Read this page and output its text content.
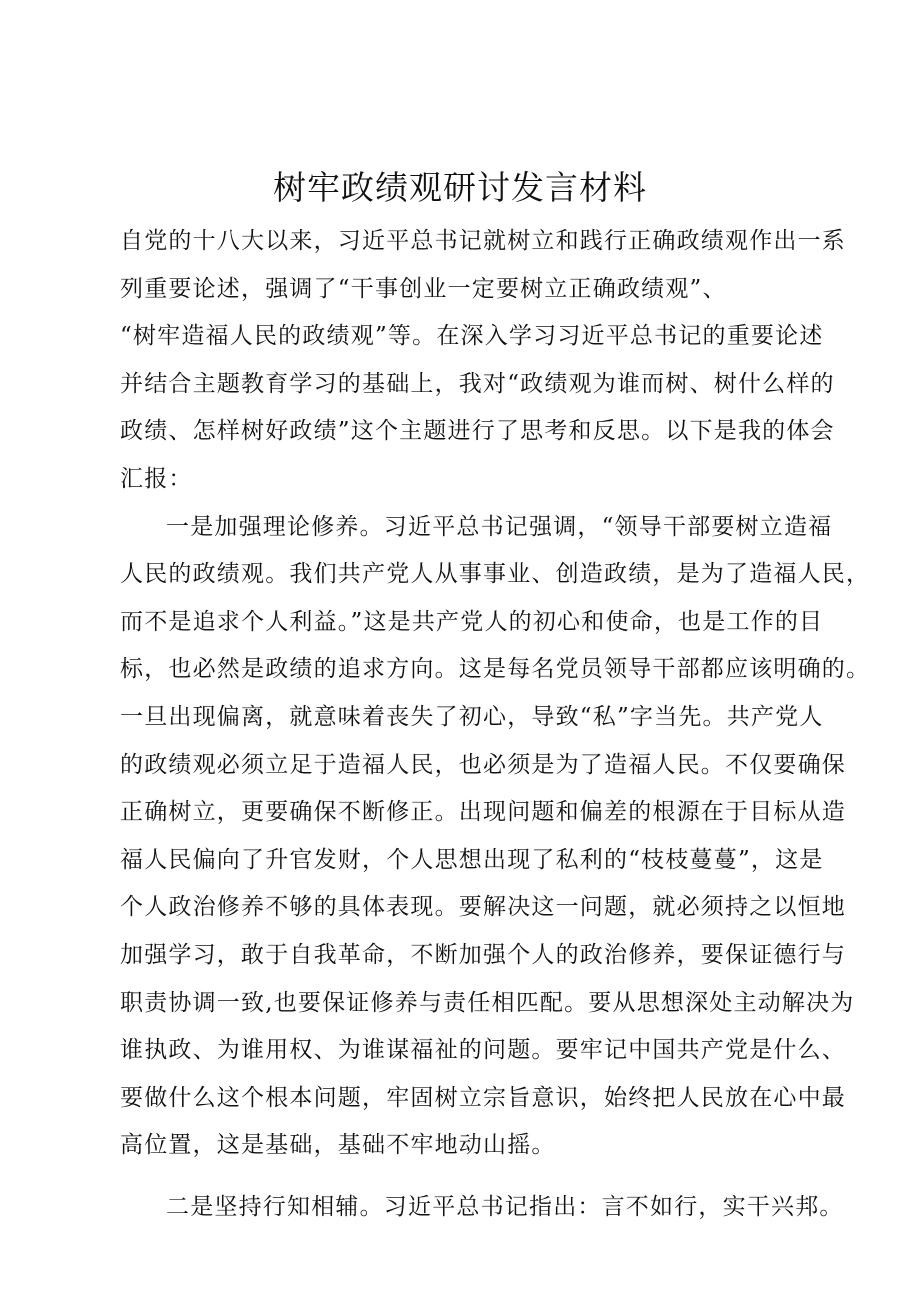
树牢政绩观研讨发言材料
自党的十八大以来，习近平总书记就树立和践行正确政绩观作出一系
列重要论述，强调了“干事创业一定要树立正确政绩观”、
“树牢造福人民的政绩观”等。在深入学习习近平总书记的重要论述
并结合主题教育学习的基础上，我对“政绩观为谁而树、树什么样的
政绩、怎样树好政绩”这个主题进行了思考和反思。以下是我的体会
汇报：
一是加强理论修养。习近平总书记强调，“领导干部要树立造福
人民的政绩观。我们共产党人从事事业、创造政绩，是为了造福人民，
而不是追求个人利益。”这是共产党人的初心和使命，也是工作的目
标，也必然是政绩的追求方向。这是每名党员领导干部都应该明确的。
一旦出现偏离，就意味着丧失了初心，导致“私”字当先。共产党人
的政绩观必须立足于造福人民，也必须是为了造福人民。不仅要确保
正确树立，更要确保不断修正。出现问题和偏差的根源在于目标从造
福人民偏向了升官发财，个人思想出现了私利的“枝枝蔓蔓”，这是
个人政治修养不够的具体表现。要解决这一问题，就必须持之以恒地
加强学习，敢于自我革命，不断加强个人的政治修养，要保证德行与
职责协调一致,也要保证修养与责任相匹配。要从思想深处主动解决为
谁执政、为谁用权、为谁谋福祉的问题。要牢记中国共产党是什么、
要做什么这个根本问题，牢固树立宗旨意识，始终把人民放在心中最
高位置，这是基础，基础不牢地动山摇。
二是坚持行知相辅。习近平总书记指出：言不如行，实干兴邦。
